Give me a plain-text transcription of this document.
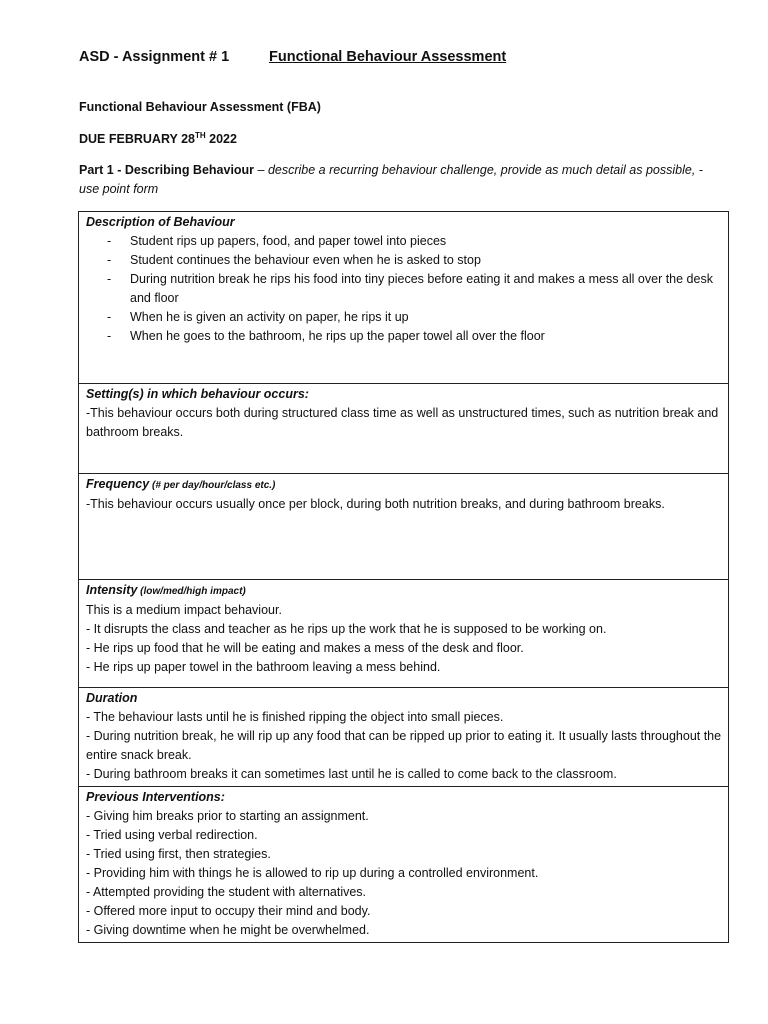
ASD - Assignment # 1	Functional Behaviour Assessment
Functional Behaviour Assessment (FBA)
DUE FEBRUARY 28TH 2022
Part 1 - Describing Behaviour – describe a recurring behaviour challenge, provide as much detail as possible, - use point form
Description of Behaviour
- Student rips up papers, food, and paper towel into pieces
- Student continues the behaviour even when he is asked to stop
- During nutrition break he rips his food into tiny pieces before eating it and makes a mess all over the desk and floor
- When he is given an activity on paper, he rips it up
- When he goes to the bathroom, he rips up the paper towel all over the floor

Setting(s) in which behaviour occurs:
-This behaviour occurs both during structured class time as well as unstructured times, such as nutrition break and bathroom breaks.

Frequency (# per day/hour/class etc.)
-This behaviour occurs usually once per block, during both nutrition breaks, and during bathroom breaks.

Intensity (low/med/high impact)
This is a medium impact behaviour.
- It disrupts the class and teacher as he rips up the work that he is supposed to be working on.
- He rips up food that he will be eating and makes a mess of the desk and floor.
- He rips up paper towel in the bathroom leaving a mess behind.

Duration
- The behaviour lasts until he is finished ripping the object into small pieces.
- During nutrition break, he will rip up any food that can be ripped up prior to eating it. It usually lasts throughout the entire snack break.
- During bathroom breaks it can sometimes last until he is called to come back to the classroom.

Previous Interventions:
- Giving him breaks prior to starting an assignment.
- Tried using verbal redirection.
- Tried using first, then strategies.
- Providing him with things he is allowed to rip up during a controlled environment.
- Attempted providing the student with alternatives.
- Offered more input to occupy their mind and body.
- Giving downtime when he might be overwhelmed.
